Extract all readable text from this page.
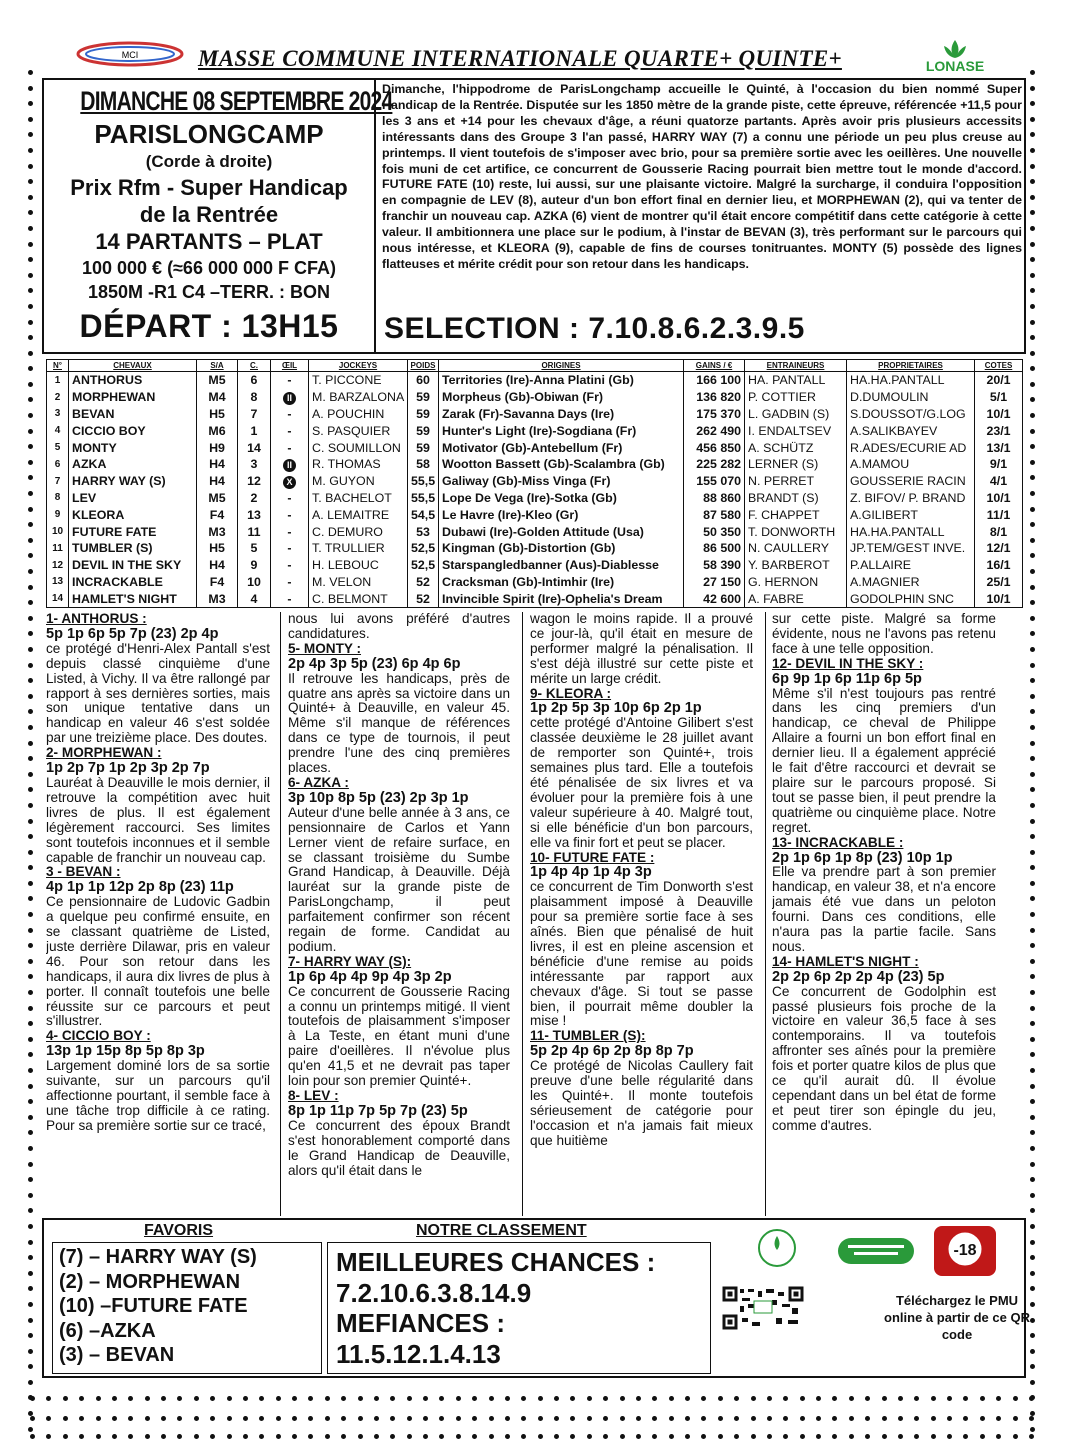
MCI	MASSE COMMUNE INTERNATIONALE QUARTE+ QUINTE+	LONASE
DIMANCHE 08 SEPTEMBRE 2024
PARISLONGCAMP
(Corde à droite)
Prix Rfm - Super Handicap
de la Rentrée
14 PARTANTS – PLAT
100 000 € (≈66 000 000 F CFA)
1850M -R1 C4 –TERR. : BON
DÉPART : 13H15
Dimanche, l'hippodrome de ParisLongchamp accueille le Quinté, à l'occasion du bien nommé Super Handicap de la Rentrée. Disputée sur les 1850 mètre de la grande piste, cette épreuve, référencée +11,5 pour les 3 ans et +14 pour les chevaux d'âge, a réuni quatorze partants. Après avoir pris plusieurs accessits intéressants dans des Groupe 3 l'an passé, HARRY WAY (7) a connu une période un peu plus creuse au printemps. Il vient toutefois de s'imposer avec brio, pour sa première sortie avec les oeillères. Une nouvelle fois muni de cet artifice, ce concurrent de Gousserie Racing pourrait bien mettre tout le monde d'accord. FUTURE FATE (10) reste, lui aussi, sur une plaisante victoire. Malgré la surcharge, il conduira l'opposition en compagnie de LEV (8), auteur d'un bon effort final en dernier lieu, et MORPHEWAN (2), qui va tenter de franchir un nouveau cap. AZKA (6) vient de montrer qu'il était encore compétitif dans cette catégorie à cette valeur. Il ambitionnera une place sur le podium, à l'instar de BEVAN (3), très performant sur le parcours qui nous intéresse, et KLEORA (9), capable de fins de courses tonitruantes. MONTY (5) possède des lignes flatteuses et mérite crédit pour son retour dans les handicaps.
SELECTION : 7.10.8.6.2.3.9.5
N°	CHEVAUX	S/A	C.	ŒIL	JOCKEYS	POIDS	ORIGINES	GAINS / €	ENTRAINEURS	PROPRIETAIRES	COTES
1	ANTHORUS	M5	6	-	T. PICCONE	60	Territories (Ire)-Anna Platini (Gb)	166 100	HA. PANTALL	HA.HA.PANTALL	20/1
2	MORPHEWAN	M4	8	II	M. BARZALONA	59	Morpheus (Gb)-Obiwan (Fr)	136 820	P. COTTIER	D.DUMOULIN	5/1
3	BEVAN	H5	7	-	A. POUCHIN	59	Zarak (Fr)-Savanna Days (Ire)	175 370	L. GADBIN (S)	S.DOUSSOT/G.LOG	10/1
4	CICCIO BOY	M6	1	-	S. PASQUIER	59	Hunter's Light (Ire)-Sogdiana (Fr)	262 490	I. ENDALTSEV	A.SALIKBAYEV	23/1
5	MONTY	H9	14	-	C. SOUMILLON	59	Motivator (Gb)-Antebellum (Fr)	456 850	A. SCHÜTZ	R.ADES/ECURIE AD	13/1
6	AZKA	H4	3	II	R. THOMAS	58	Wootton Bassett (Gb)-Scalambra (Gb)	225 282	LERNER (S)	A.MAMOU	9/1
7	HARRY WAY (S)	H4	12	X	M. GUYON	55,5	Galiway (Gb)-Miss Vinga (Fr)	155 070	N. PERRET	GOUSSERIE RACIN	4/1
8	LEV	M5	2	-	T. BACHELOT	55,5	Lope De Vega (Ire)-Sotka (Gb)	88 860	BRANDT (S)	Z. BIFOV/ P. BRAND	10/1
9	KLEORA	F4	13	-	A. LEMAITRE	54,5	Le Havre (Ire)-Kleo (Gr)	87 580	F. CHAPPET	A.GILIBERT	11/1
10	FUTURE FATE	M3	11	-	C. DEMURO	53	Dubawi (Ire)-Golden Attitude (Usa)	50 350	T. DONWORTH	HA.HA.PANTALL	8/1
11	TUMBLER (S)	H5	5	-	T. TRULLIER	52,5	Kingman (Gb)-Distortion (Gb)	86 500	N. CAULLERY	JP.TEM/GEST INVE.	12/1
12	DEVIL IN THE SKY	H4	9	-	H. LEBOUC	52,5	Starspangledbanner (Aus)-Diablesse	58 390	Y. BARBEROT	P.ALLAIRE	16/1
13	INCRACKABLE	F4	10	-	M. VELON	52	Cracksman (Gb)-Intimhir (Ire)	27 150	G. HERNON	A.MAGNIER	25/1
14	HAMLET'S NIGHT	M3	4	-	C. BELMONT	52	Invincible Spirit (Ire)-Ophelia's Dream	42 600	A. FABRE	GODOLPHIN SNC	10/1

1- ANTHORUS :

5p 1p 6p 5p 7p (23) 2p 4p

ce protégé d'Henri-Alex Pantall s'est depuis classé cinquième d'une Listed, à Vichy. Il va être rallongé par rapport à ses dernières sorties, mais son unique tentative dans un handicap en valeur 46 s'est soldée par une treizième place. Des doutes.

2- MORPHEWAN :

1p 2p 7p 1p 2p 3p 2p 7p

Lauréat à Deauville le mois dernier, il retrouve la compétition avec huit livres de plus. Il est également légèrement raccourci. Ses limites sont toutefois inconnues et il semble capable de franchir un nouveau cap.

3 - BEVAN :

4p 1p 1p 12p 2p 8p (23) 11p

Ce pensionnaire de Ludovic Gadbin a quelque peu confirmé ensuite, en se classant quatrième de Listed, juste derrière Dilawar, pris en valeur 46. Pour son retour dans les handicaps, il aura dix livres de plus à porter. Il connaît toutefois une belle réussite sur ce parcours et peut s'illustrer.

4- CICCIO BOY :

13p 1p 15p 8p 5p 8p 3p

Largement dominé lors de sa sortie suivante, sur un parcours qu'il affectionne pourtant, il semble face à une tâche trop difficile à ce rating. Pour sa première sortie sur ce tracé,

nous lui avons préféré d'autres candidatures.

5- MONTY :

2p 4p 3p 5p (23) 6p 4p 6p

Il retrouve les handicaps, près de quatre ans après sa victoire dans un Quinté+ à Deauville, en valeur 45. Même s'il manque de références dans ce type de tournois, il peut prendre l'une des cinq premières places.

6- AZKA :

3p 10p 8p 5p (23) 2p 3p 1p

Auteur d'une belle année à 3 ans, ce pensionnaire de Carlos et Yann Lerner vient de refaire surface, en se classant troisième du Sumbe Grand Handicap, à Deauville. Déjà lauréat sur la grande piste de ParisLongchamp, il peut parfaitement confirmer son récent regain de forme. Candidat au podium.

7- HARRY WAY (S):

1p 6p 4p 4p 9p 4p 3p 2p

Ce concurrent de Gousserie Racing a connu un printemps mitigé. Il vient toutefois de plaisamment s'imposer à La Teste, en étant muni d'une paire d'oeillères. Il n'évolue plus qu'en 41,5 et ne devrait pas taper loin pour son premier Quinté+.

8- LEV :

8p 1p 11p 7p 5p 7p (23) 5p

Ce concurrent des époux Brandt s'est honorablement comporté dans le Grand Handicap de Deauville, alors qu'il était dans le

wagon le moins rapide. Il a prouvé ce jour-là, qu'il était en mesure de performer malgré la pénalisation. Il s'est déjà illustré sur cette piste et mérite un large crédit.

9- KLEORA :

1p 2p 5p 3p 10p 6p 2p 1p

cette protégé d'Antoine Gilibert s'est classée deuxième le 28 juillet avant de remporter son Quinté+, trois semaines plus tard. Elle a toutefois été pénalisée de six livres et va évoluer pour la première fois à une valeur supérieure à 40. Malgré tout, si elle bénéficie d'un bon parcours, elle va finir fort et peut se placer.

10- FUTURE FATE :

1p 4p 4p 1p 4p 3p

ce concurrent de Tim Donworth s'est plaisamment imposé à Deauville pour sa première sortie face à ses aînés. Bien que pénalisé de huit livres, il est en pleine ascension et bénéficie d'une remise au poids intéressante par rapport aux chevaux d'âge. Si tout se passe bien, il pourrait même doubler la mise !

11- TUMBLER (S):

5p 2p 4p 6p 2p 8p 8p 7p

Ce protégé de Nicolas Caullery fait preuve d'une belle régularité dans les Quinté+. Il monte toutefois sérieusement de catégorie pour l'occasion et n'a jamais fait mieux que huitième

sur cette piste. Malgré sa forme évidente, nous ne l'avons pas retenu face à une telle opposition.

12- DEVIL IN THE SKY :

6p 9p 1p 6p 11p 6p 5p

Même s'il n'est toujours pas rentré dans les cinq premiers d'un handicap, ce cheval de Philippe Allaire a fourni un bon effort final en dernier lieu. Il a également apprécié le fait d'être raccourci et devrait se plaire sur le parcours proposé. Si tout se passe bien, il peut prendre la quatrième ou cinquième place. Notre regret.

13- INCRACKABLE :

2p 1p 6p 1p 8p (23) 10p 1p

Elle va prendre part à son premier handicap, en valeur 38, et n'a encore jamais été vue dans un peloton fourni. Dans ces conditions, elle n'aura pas la partie facile. Sans nous.

14- HAMLET'S NIGHT :

2p 2p 6p 2p 2p 4p (23) 5p

Ce concurrent de Godolphin est passé plusieurs fois proche de la victoire en valeur 36,5 face à ses contemporains. Il va toutefois affronter ses aînés pour la première fois et porter quatre kilos de plus que ce qu'il aurait dû. Il évolue cependant dans un bel état de forme et peut tirer son épingle du jeu, comme d'autres.

FAVORIS
(7) – HARRY WAY (S)
(2) – MORPHEWAN
(10) –FUTURE FATE
(6) –AZKA
(3) – BEVAN
NOTRE CLASSEMENT
MEILLEURES CHANCES :
7.2.10.6.3.8.14.9
MEFIANCES :
11.5.12.1.4.13
-18
Téléchargez le PMU online à partir de ce QR code
